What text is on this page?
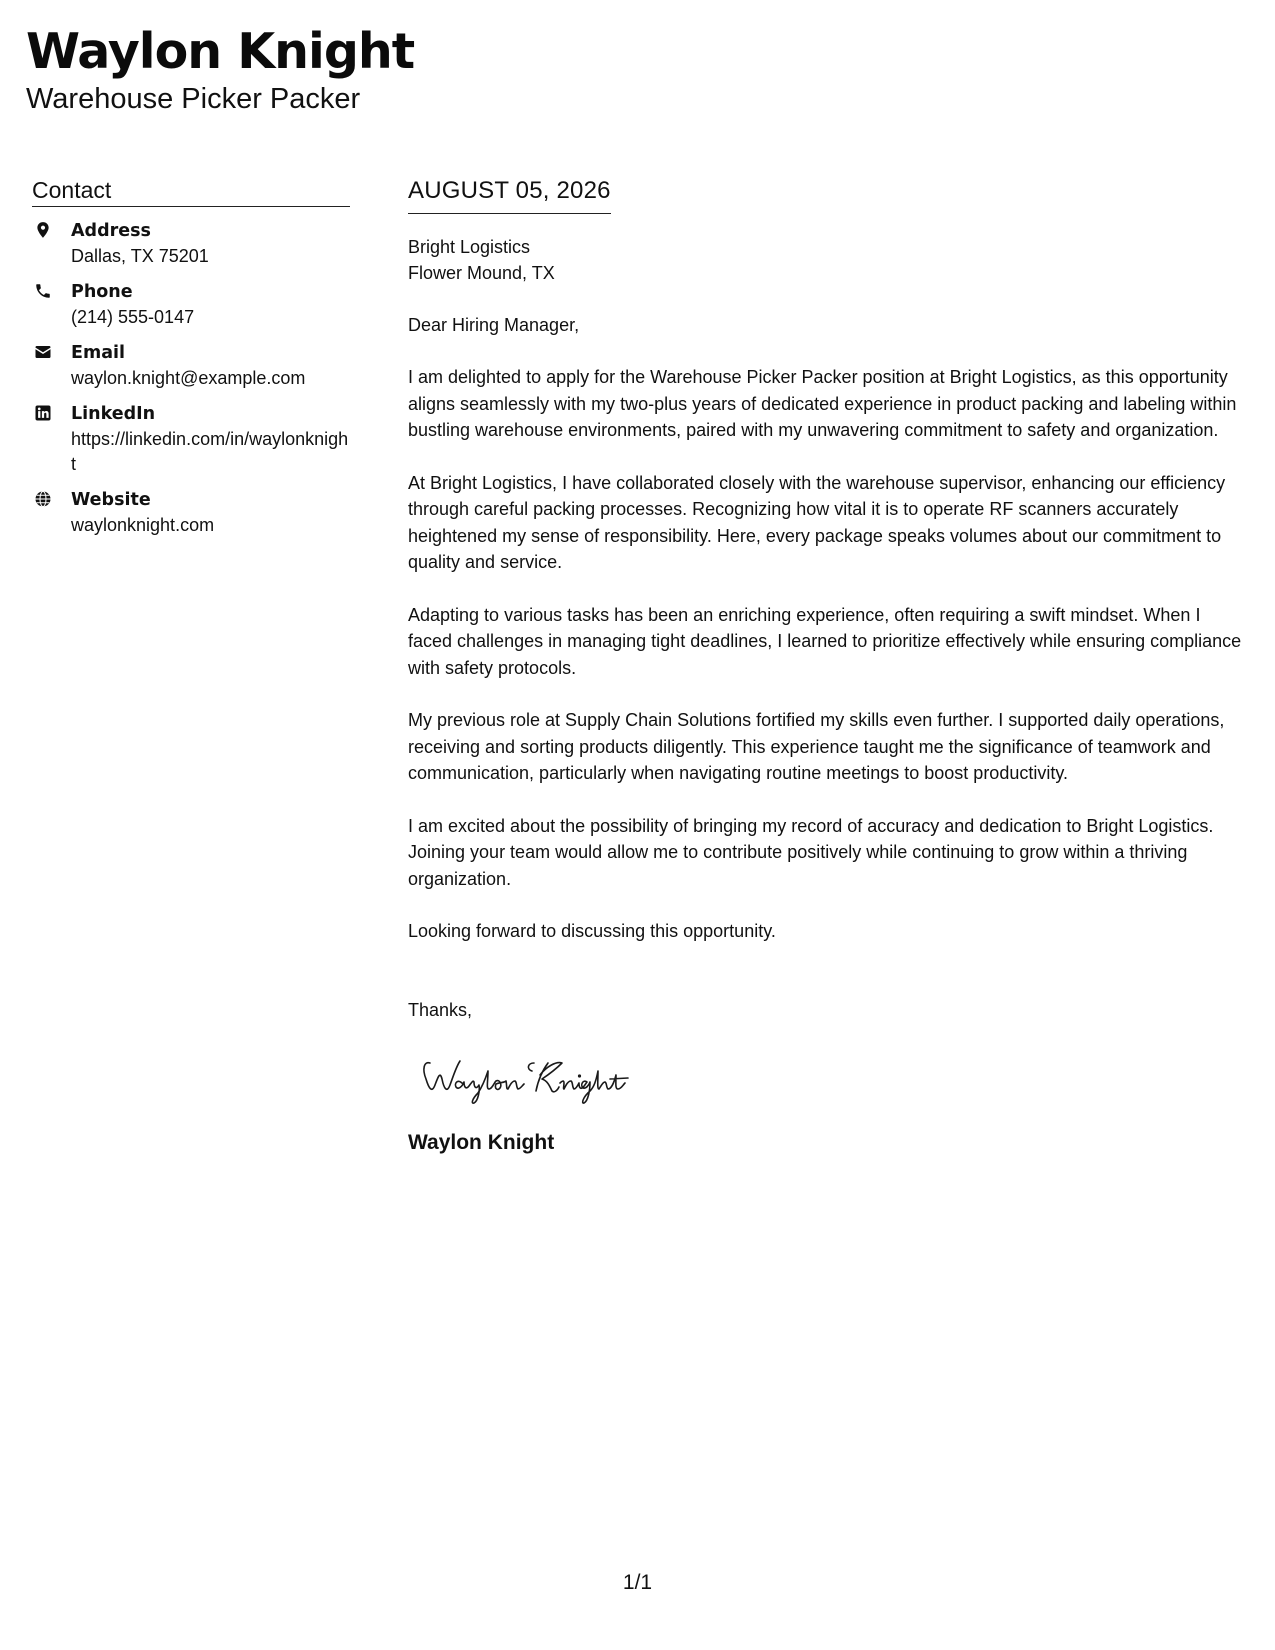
Waylon Knight
Warehouse Picker Packer
Contact
Address
Dallas, TX 75201
Phone
(214) 555-0147
Email
waylon.knight@example.com
LinkedIn
https://linkedin.com/in/waylonknight
Website
waylonknight.com
AUGUST 05, 2026
Bright Logistics
Flower Mound, TX
Dear Hiring Manager,
I am delighted to apply for the Warehouse Picker Packer position at Bright Logistics, as this opportunity aligns seamlessly with my two-plus years of dedicated experience in product packing and labeling within bustling warehouse environments, paired with my unwavering commitment to safety and organization.
At Bright Logistics, I have collaborated closely with the warehouse supervisor, enhancing our efficiency through careful packing processes. Recognizing how vital it is to operate RF scanners accurately heightened my sense of responsibility. Here, every package speaks volumes about our commitment to quality and service.
Adapting to various tasks has been an enriching experience, often requiring a swift mindset. When I faced challenges in managing tight deadlines, I learned to prioritize effectively while ensuring compliance with safety protocols.
My previous role at Supply Chain Solutions fortified my skills even further. I supported daily operations, receiving and sorting products diligently. This experience taught me the significance of teamwork and communication, particularly when navigating routine meetings to boost productivity.
I am excited about the possibility of bringing my record of accuracy and dedication to Bright Logistics. Joining your team would allow me to contribute positively while continuing to grow within a thriving organization.
Looking forward to discussing this opportunity.
Thanks,
Waylon Knight
1/1
